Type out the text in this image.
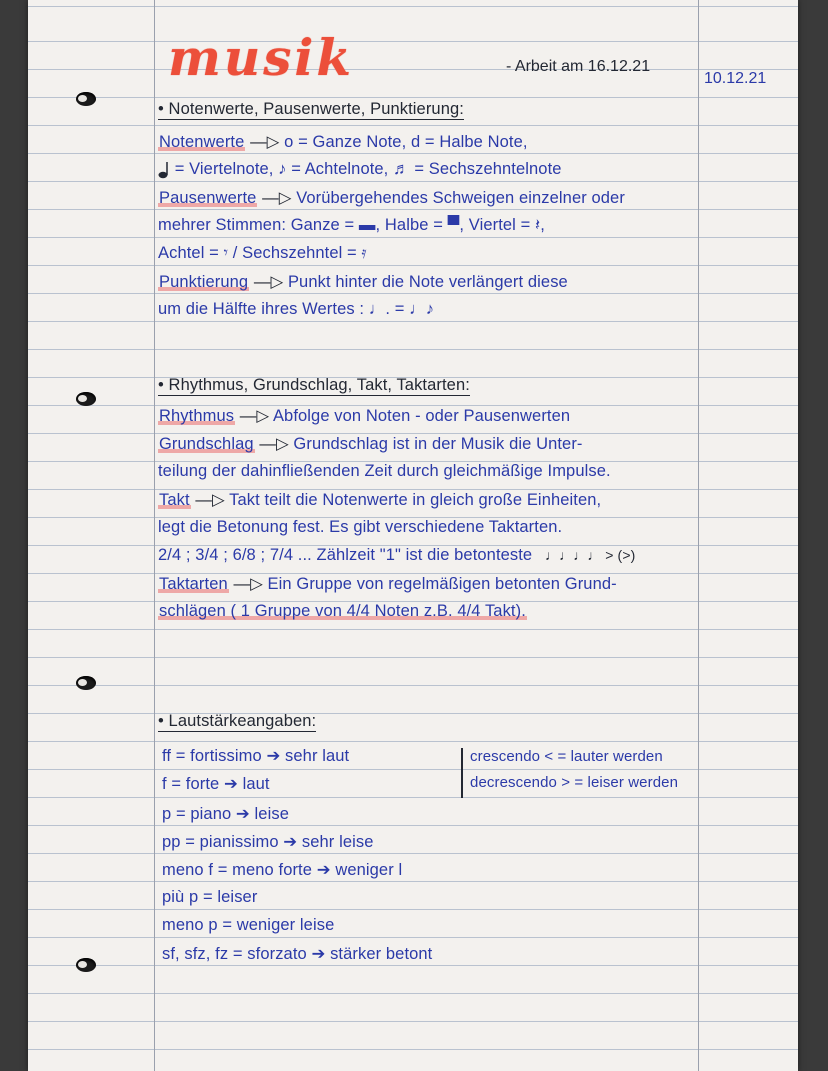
musik	- Arbeit am 16.12.21
10.12.21
• Notenwerte, Pausenwerte, Punktierung:
Notenwerte —▷ o = Ganze Note, d = Halbe Note,
= Viertelnote, ♪ = Achtelnote, ♬ = Sechszehntelnote
Pausenwerte —▷ Vorübergehendes Schweigen einzelner oder
mehrer Stimmen: Ganze = ▬, Halbe = ▀, Viertel = 𝄽,
Achtel = 𝄾 / Sechszehntel = 𝄿
Punktierung —▷ Punkt hinter die Note verlängert diese
um die Hälfte ihres Wertes : ♩. = ♩♪
• Rhythmus, Grundschlag, Takt, Taktarten:
Rhythmus —▷ Abfolge von Noten - oder Pausenwerten
Grundschlag —▷ Grundschlag ist in der Musik die Unter-
teilung der dahinfließenden Zeit durch gleichmäßige Impulse.
Takt —▷ Takt teilt die Notenwerte in gleich große Einheiten,
legt die Betonung fest. Es gibt verschiedene Taktarten.
2/4 ; 3/4 ; 6/8 ; 7/4 ... Zählzeit "1" ist die betonteste ♩♩♩♩ > (>)
Taktarten —▷ Ein Gruppe von regelmäßigen betonten Grund-
schlägen ( 1 Gruppe von 4/4 Noten z.B. 4/4 Takt).
• Lautstärkeangaben:
ff = fortissimo ➔ sehr laut
f = forte ➔ laut
p = piano ➔ leise
pp = pianissimo ➔ sehr leise
meno f = meno forte ➔ weniger l
più p = leiser
meno p = weniger leise
sf, sfz, fz = sforzato ➔ stärker betont
crescendo < = lauter werden
decrescendo > = leiser werden
